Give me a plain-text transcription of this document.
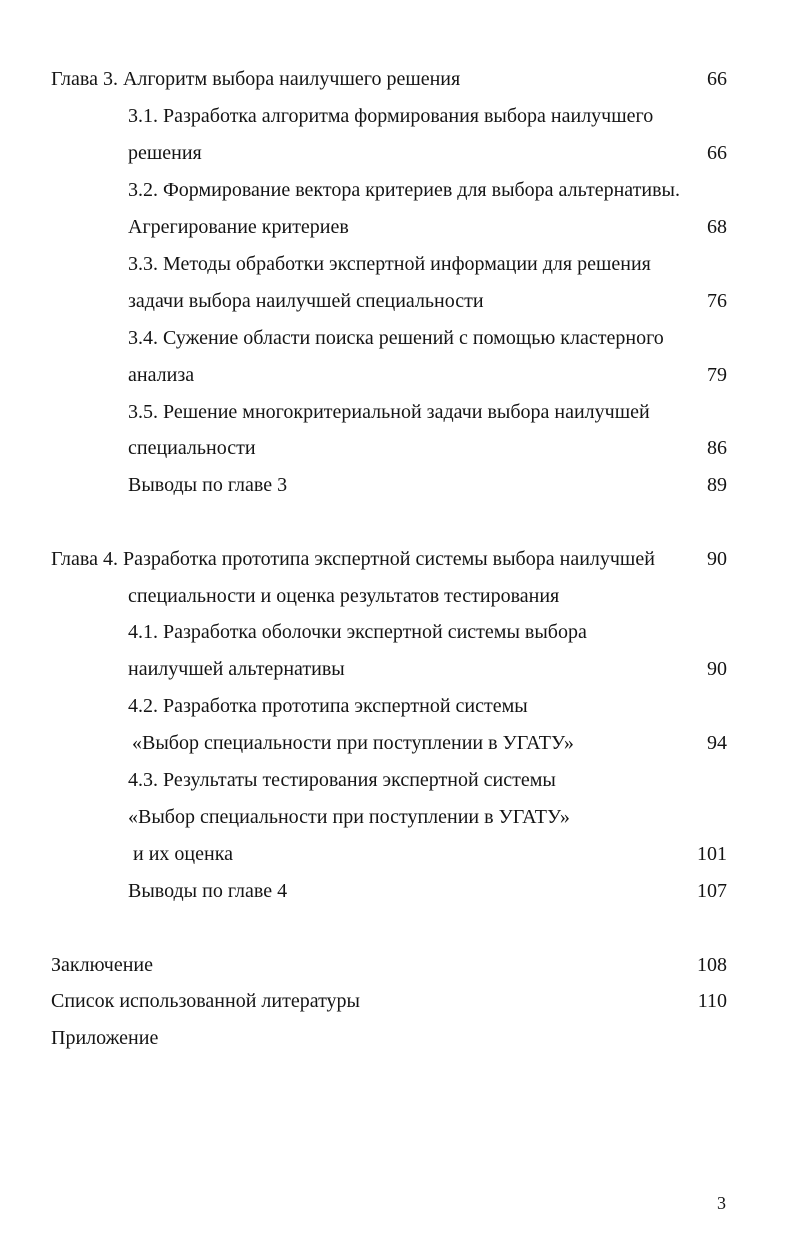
Глава 3. Алгоритм выбора наилучшего решения	66
3.1. Разработка алгоритма формирования выбора наилучшего
решения	66
3.2. Формирование вектора критериев для выбора альтернативы.
Агрегирование критериев	68
3.3. Методы обработки экспертной информации для решения
задачи выбора наилучшей специальности	76
3.4. Сужение области поиска решений с помощью кластерного
анализа	79
3.5. Решение многокритериальной задачи выбора наилучшей
специальности	86
Выводы по главе 3	89
Глава 4. Разработка прототипа экспертной системы выбора наилучшей	90
специальности и оценка результатов тестирования
4.1. Разработка оболочки экспертной системы выбора
наилучшей альтернативы	90
4.2. Разработка прототипа экспертной системы
«Выбор специальности при поступлении в УГАТУ»	94
4.3. Результаты тестирования экспертной системы
«Выбор специальности при поступлении в УГАТУ»
и их оценка	101
Выводы по главе 4	107
Заключение	108
Список использованной литературы	110
Приложение
3
